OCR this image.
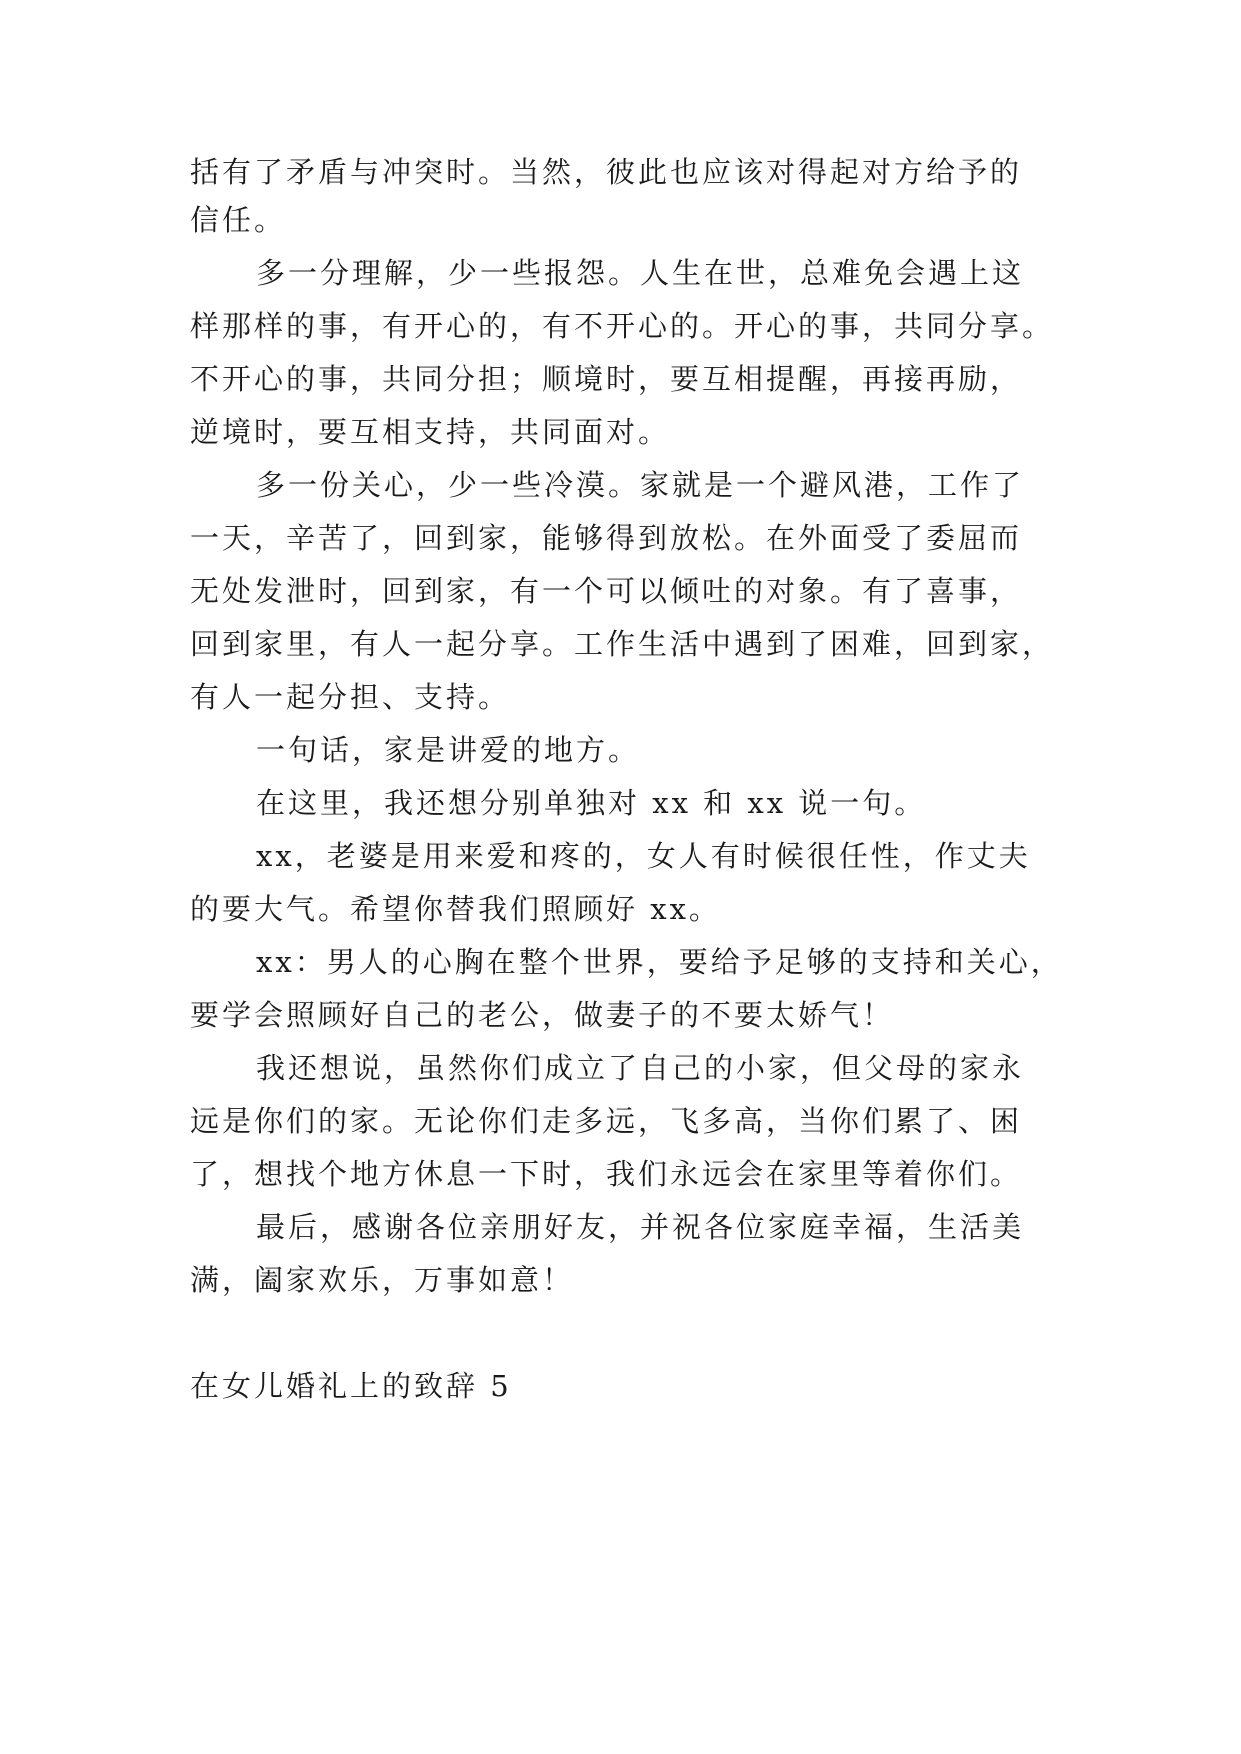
括有了矛盾与冲突时。当然，彼此也应该对得起对方给予的
信任。
多一分理解，少一些报怨。人生在世，总难免会遇上这
样那样的事，有开心的，有不开心的。开心的事，共同分享。
不开心的事，共同分担；顺境时，要互相提醒，再接再励，
逆境时，要互相支持，共同面对。
多一份关心，少一些冷漠。家就是一个避风港，工作了
一天，辛苦了，回到家，能够得到放松。在外面受了委屈而
无处发泄时，回到家，有一个可以倾吐的对象。有了喜事，
回到家里，有人一起分享。工作生活中遇到了困难，回到家，
有人一起分担、支持。
一句话，家是讲爱的地方。
在这里，我还想分别单独对 xx 和 xx 说一句。
xx，老婆是用来爱和疼的，女人有时候很任性，作丈夫
的要大气。希望你替我们照顾好 xx。
xx：男人的心胸在整个世界，要给予足够的支持和关心，
要学会照顾好自己的老公，做妻子的不要太娇气！
我还想说，虽然你们成立了自己的小家，但父母的家永
远是你们的家。无论你们走多远，飞多高，当你们累了、困
了，想找个地方休息一下时，我们永远会在家里等着你们。
最后，感谢各位亲朋好友，并祝各位家庭幸福，生活美
满，阖家欢乐，万事如意！
在女儿婚礼上的致辞 5
